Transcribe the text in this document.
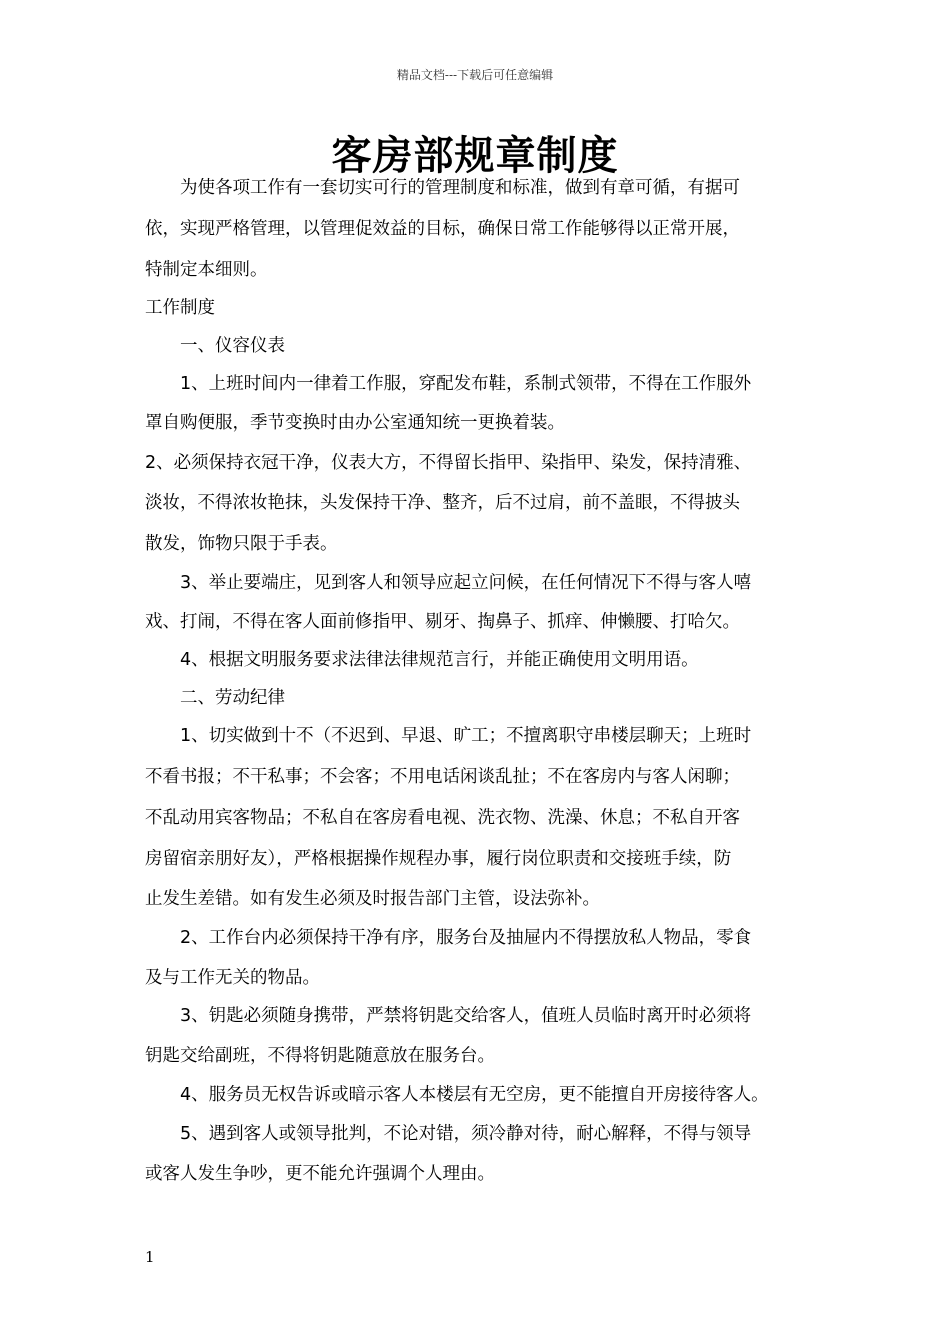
精品文档---下载后可任意编辑
客房部规章制度
　　为使各项工作有一套切实可行的管理制度和标准，做到有章可循，有据可
依，实现严格管理，以管理促效益的目标，确保日常工作能够得以正常开展，
特制定本细则。
工作制度
　　一、仪容仪表
　　1、上班时间内一律着工作服，穿配发布鞋，系制式领带，不得在工作服外
罩自购便服，季节变换时由办公室通知统一更换着装。
2、必须保持衣冠干净，仪表大方，不得留长指甲、染指甲、染发，保持清雅、
淡妆，不得浓妆艳抹，头发保持干净、整齐，后不过肩，前不盖眼，不得披头
散发，饰物只限于手表。
　　3、举止要端庄，见到客人和领导应起立问候，在任何情况下不得与客人嘻
戏、打闹，不得在客人面前修指甲、剔牙、掏鼻子、抓痒、伸懒腰、打哈欠。
　　4、根据文明服务要求法律法律规范言行，并能正确使用文明用语。
　　二、劳动纪律
　　1、切实做到十不（不迟到、早退、旷工；不擅离职守串楼层聊天；上班时
不看书报；不干私事；不会客；不用电话闲谈乱扯；不在客房内与客人闲聊；
不乱动用宾客物品；不私自在客房看电视、洗衣物、洗澡、休息；不私自开客
房留宿亲朋好友），严格根据操作规程办事，履行岗位职责和交接班手续，防
止发生差错。如有发生必须及时报告部门主管，设法弥补。
　　2、工作台内必须保持干净有序，服务台及抽屉内不得摆放私人物品，零食
及与工作无关的物品。
　　3、钥匙必须随身携带，严禁将钥匙交给客人，值班人员临时离开时必须将
钥匙交给副班，不得将钥匙随意放在服务台。
　　4、服务员无权告诉或暗示客人本楼层有无空房，更不能擅自开房接待客人。
　　5、遇到客人或领导批判，不论对错，须冷静对待，耐心解释，不得与领导
或客人发生争吵，更不能允许强调个人理由。
1
